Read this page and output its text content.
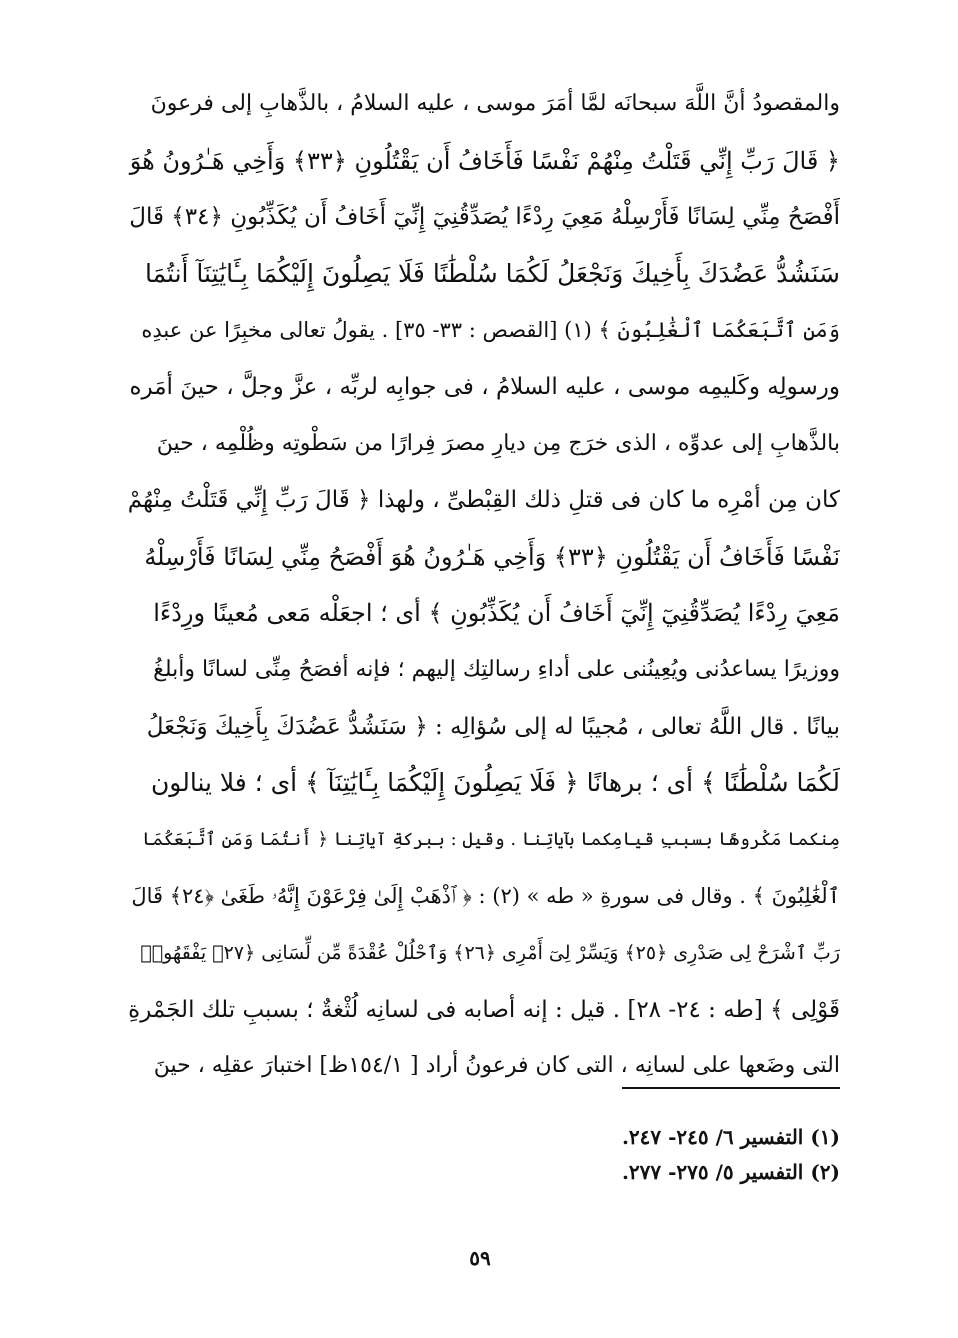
والمقصودُ أنَّ اللَّهَ سبحانَه لمَّا أمَرَ موسى ، عليه السلامُ ، بالذَّهابِ إلى فرعونَ
﴿ قَالَ رَبِّ إِنِّي قَتَلْتُ مِنْهُمْ نَفْسًا فَأَخَافُ أَن يَقْتُلُونِ ﴿٣٣﴾ وَأَخِي هَـٰرُونُ هُوَ
أَفْصَحُ مِنِّي لِسَانًا فَأَرْسِلْهُ مَعِيَ رِدْءًا يُصَدِّقُنِيٓ إِنِّيٓ أَخَافُ أَن يُكَذِّبُونِ ﴿٣٤﴾ قَالَ
سَنَشُدُّ عَضُدَكَ بِأَخِيكَ وَنَجْعَلُ لَكُمَا سُلْطَٰنًا فَلَا يَصِلُونَ إِلَيْكُمَا بِـَٔايَٰتِنَآ أَنتُمَا
وَمَنِ ٱتَّبَعَكُمَا ٱلْغَٰلِبُونَ ﴾ (١) [القصص : ٣٣- ٣٥] . يقولُ تعالى مخبِرًا عن عبدِه
ورسولِه وكَليمِه موسى ، عليه السلامُ ، فى جوابِه لربِّه ، عزَّ وجلَّ ، حينَ أمَره
بالذَّهابِ إلى عدوِّه ، الذى خرَج مِن ديارِ مصرَ فِرارًا من سَطْوتِه وظُلْمِه ، حينَ
كان مِن أمْرِه ما كان فى قتلِ ذلك القِبْطىِّ ، ولهذا ﴿ قَالَ رَبِّ إِنِّي قَتَلْتُ مِنْهُمْ
نَفْسًا فَأَخَافُ أَن يَقْتُلُونِ ﴿٣٣﴾ وَأَخِي هَـٰرُونُ هُوَ أَفْصَحُ مِنِّي لِسَانًا فَأَرْسِلْهُ
مَعِيَ رِدْءًا يُصَدِّقُنِيٓ إِنِّيٓ أَخَافُ أَن يُكَذِّبُونِ ﴾ أى ؛ اجعَلْه مَعى مُعينًا ورِدْءًا
ووزيرًا يساعدُنى ويُعِينُنى على أداءِ رسالتِك إليهم ؛ فإنه أفصَحُ مِنِّى لسانًا وأبلغُ
بيانًا . قال اللَّهُ تعالى ، مُجيبًا له إلى سُؤالِه : ﴿ سَنَشُدُّ عَضُدَكَ بِأَخِيكَ وَنَجْعَلُ
لَكُمَا سُلْطَٰنًا ﴾ أى ؛ برهانًا ﴿ فَلَا يَصِلُونَ إِلَيْكُمَا بِـَٔايَٰتِنَآ ﴾ أى ؛ فلا ينالون
مِنكما مَكْروهًا بسببِ قيامِكما بآياتِنا . وقيل : ببركةِ آياتِنا ﴿ أَنتُمَا وَمَنِ ٱتَّبَعَكُمَا
ٱلْغَٰلِبُونَ ﴾ . وقال فى سورةِ « طه » (٢) : ﴿ ٱذْهَبْ إِلَىٰ فِرْعَوْنَ إِنَّهُۥ طَغَىٰ ﴿٢٤﴾ قَالَ
رَبِّ ٱشْرَحْ لِى صَدْرِى ﴿٢٥﴾ وَيَسِّرْ لِىٓ أَمْرِى ﴿٢٦﴾ وَٱحْلُلْ عُقْدَةً مِّن لِّسَانِى ﴿٢٧﴾ يَفْقَهُوا۟
قَوْلِى ﴾ [طه : ٢٤- ٢٨] . قيل : إنه أصابه فى لسانِه لُثْغةٌ ؛ بسببِ تلك الجَمْرةِ
التى وضَعها على لسانِه ، التى كان فرعونُ أراد [ ١٥٤/١ظ] اختبارَ عقلِه ، حينَ
(١) التفسير ٦/ ٢٤٥- ٢٤٧.
(٢) التفسير ٥/ ٢٧٥- ٢٧٧.
٥٩
